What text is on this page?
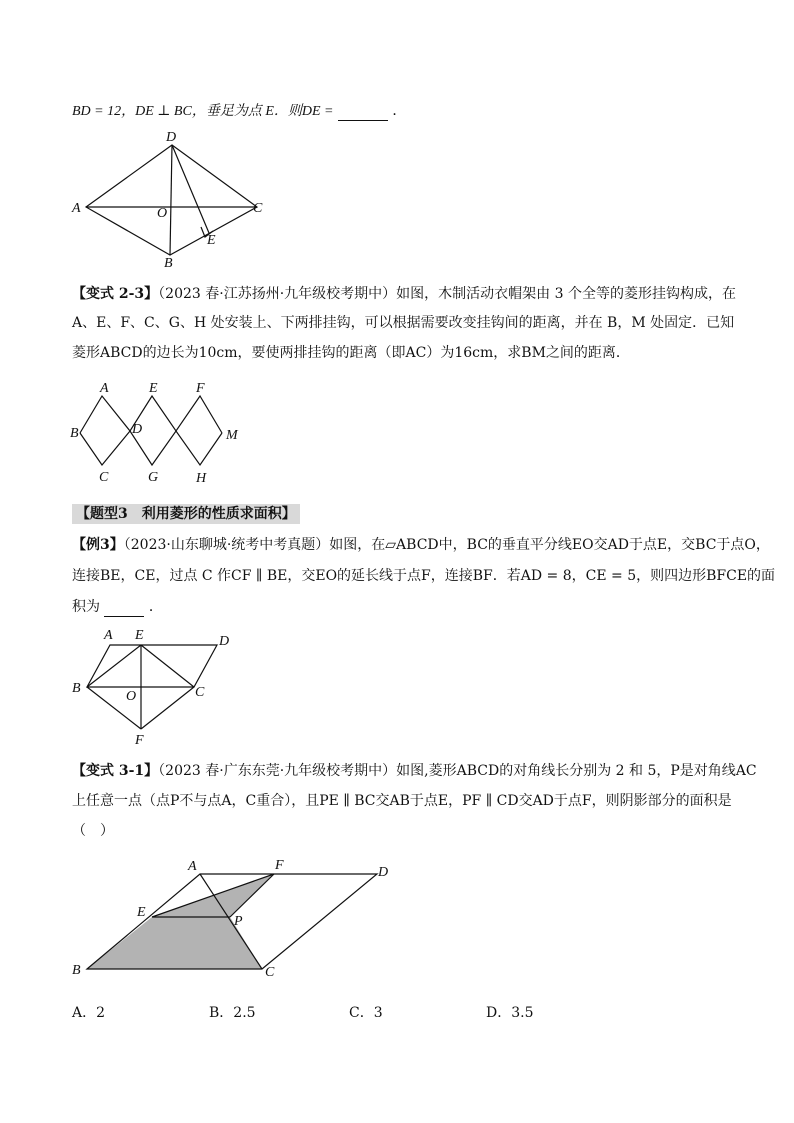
BD = 12，DE ⊥ BC，垂足为点 E．则DE =	．
D
A	O	C
E
B
【变式 2-3】（2023 春·江苏扬州·九年级校考期中）如图，木制活动衣帽架由 3 个全等的菱形挂钩构成，在
A、E、F、C、G、H 处安装上、下两排挂钩，可以根据需要改变挂钩间的距离，并在 B，M 处固定．已知
菱形ABCD的边长为10cm，要使两排挂钩的距离（即AC）为16cm，求BM之间的距离．
A	E	F
B	D	M
C	G	H
【题型3　利用菱形的性质求面积】
【例3】（2023·山东聊城·统考中考真题）如图，在▱ABCD中，BC的垂直平分线EO交AD于点E，交BC于点O，
连接BE，CE，过点 C 作CF ∥ BE，交EO的延长线于点F，连接BF．若AD = 8，CE = 5，则四边形BFCE的面
积为	．
A E	D
B
O	C
F
【变式 3-1】（2023 春·广东东莞·九年级校考期中）如图,菱形ABCD的对角线长分别为 2 和 5，P是对角线AC
上任意一点（点P不与点A，C重合），且PE ∥ BC交AB于点E，PF ∥ CD交AD于点F，则阴影部分的面积是
（　）
A	F	D
E
P
B	C
A．2	B．2.5	C．3	D．3.5
